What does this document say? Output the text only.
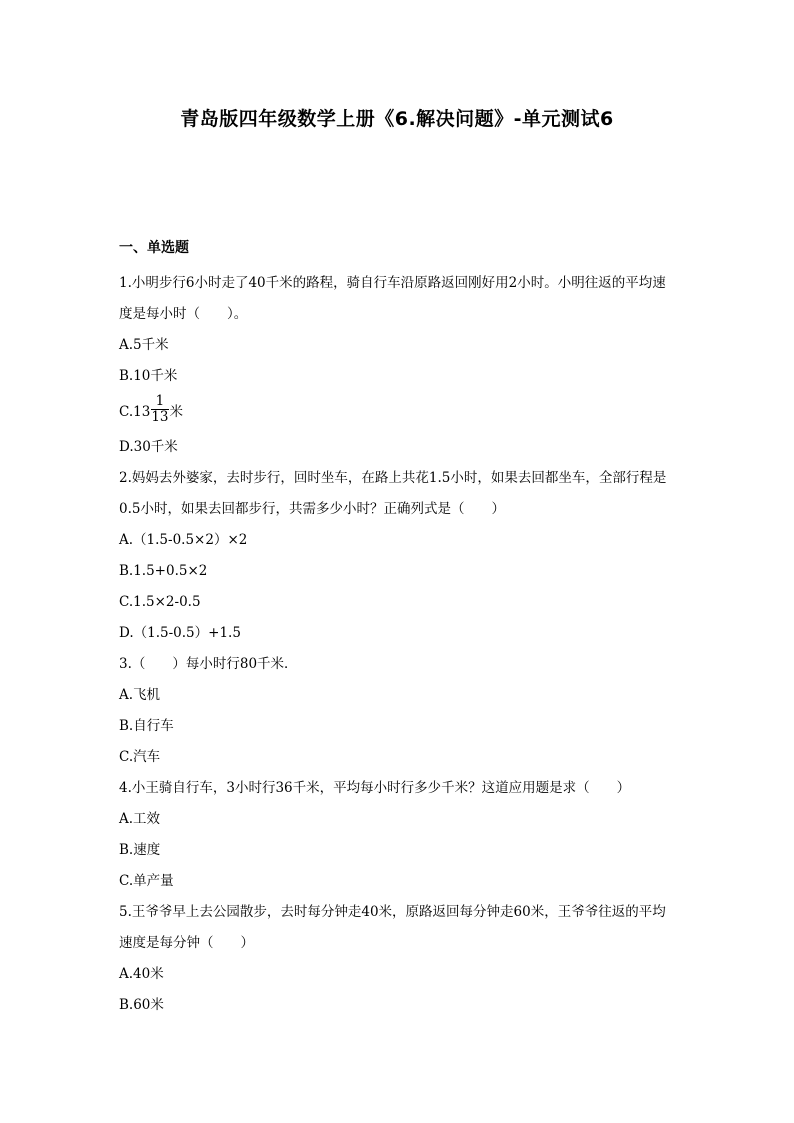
青岛版四年级数学上册《6.解决问题》-单元测试6
一、单选题
1.小明步行6小时走了40千米的路程，骑自行车沿原路返回刚好用2小时。小明往返的平均速度是每小时（　　）。
A.5千米
B.10千米
$C.13 \frac{1}{13}$ 米
D.30千米
2.妈妈去外婆家，去时步行，回时坐车，在路上共花1.5小时，如果去回都坐车，全部行程是0.5小时，如果去回都步行，共需多少小时？正确列式是（　　）
A.（1.5-0.5×2）×2
B.1.5+0.5×2
C.1.5×2-0.5
D.（1.5-0.5）+1.5
3.（　　）每小时行80千米．
A.飞机
B.自行车
C.汽车
4.小王骑自行车，3小时行36千米，平均每小时行多少千米？这道应用题是求（　　）
A.工效
B.速度
C.单产量
5.王爷爷早上去公园散步，去时每分钟走40米，原路返回每分钟走60米，王爷爷往返的平均速度是每分钟（　　）
A.40米
B.60米
